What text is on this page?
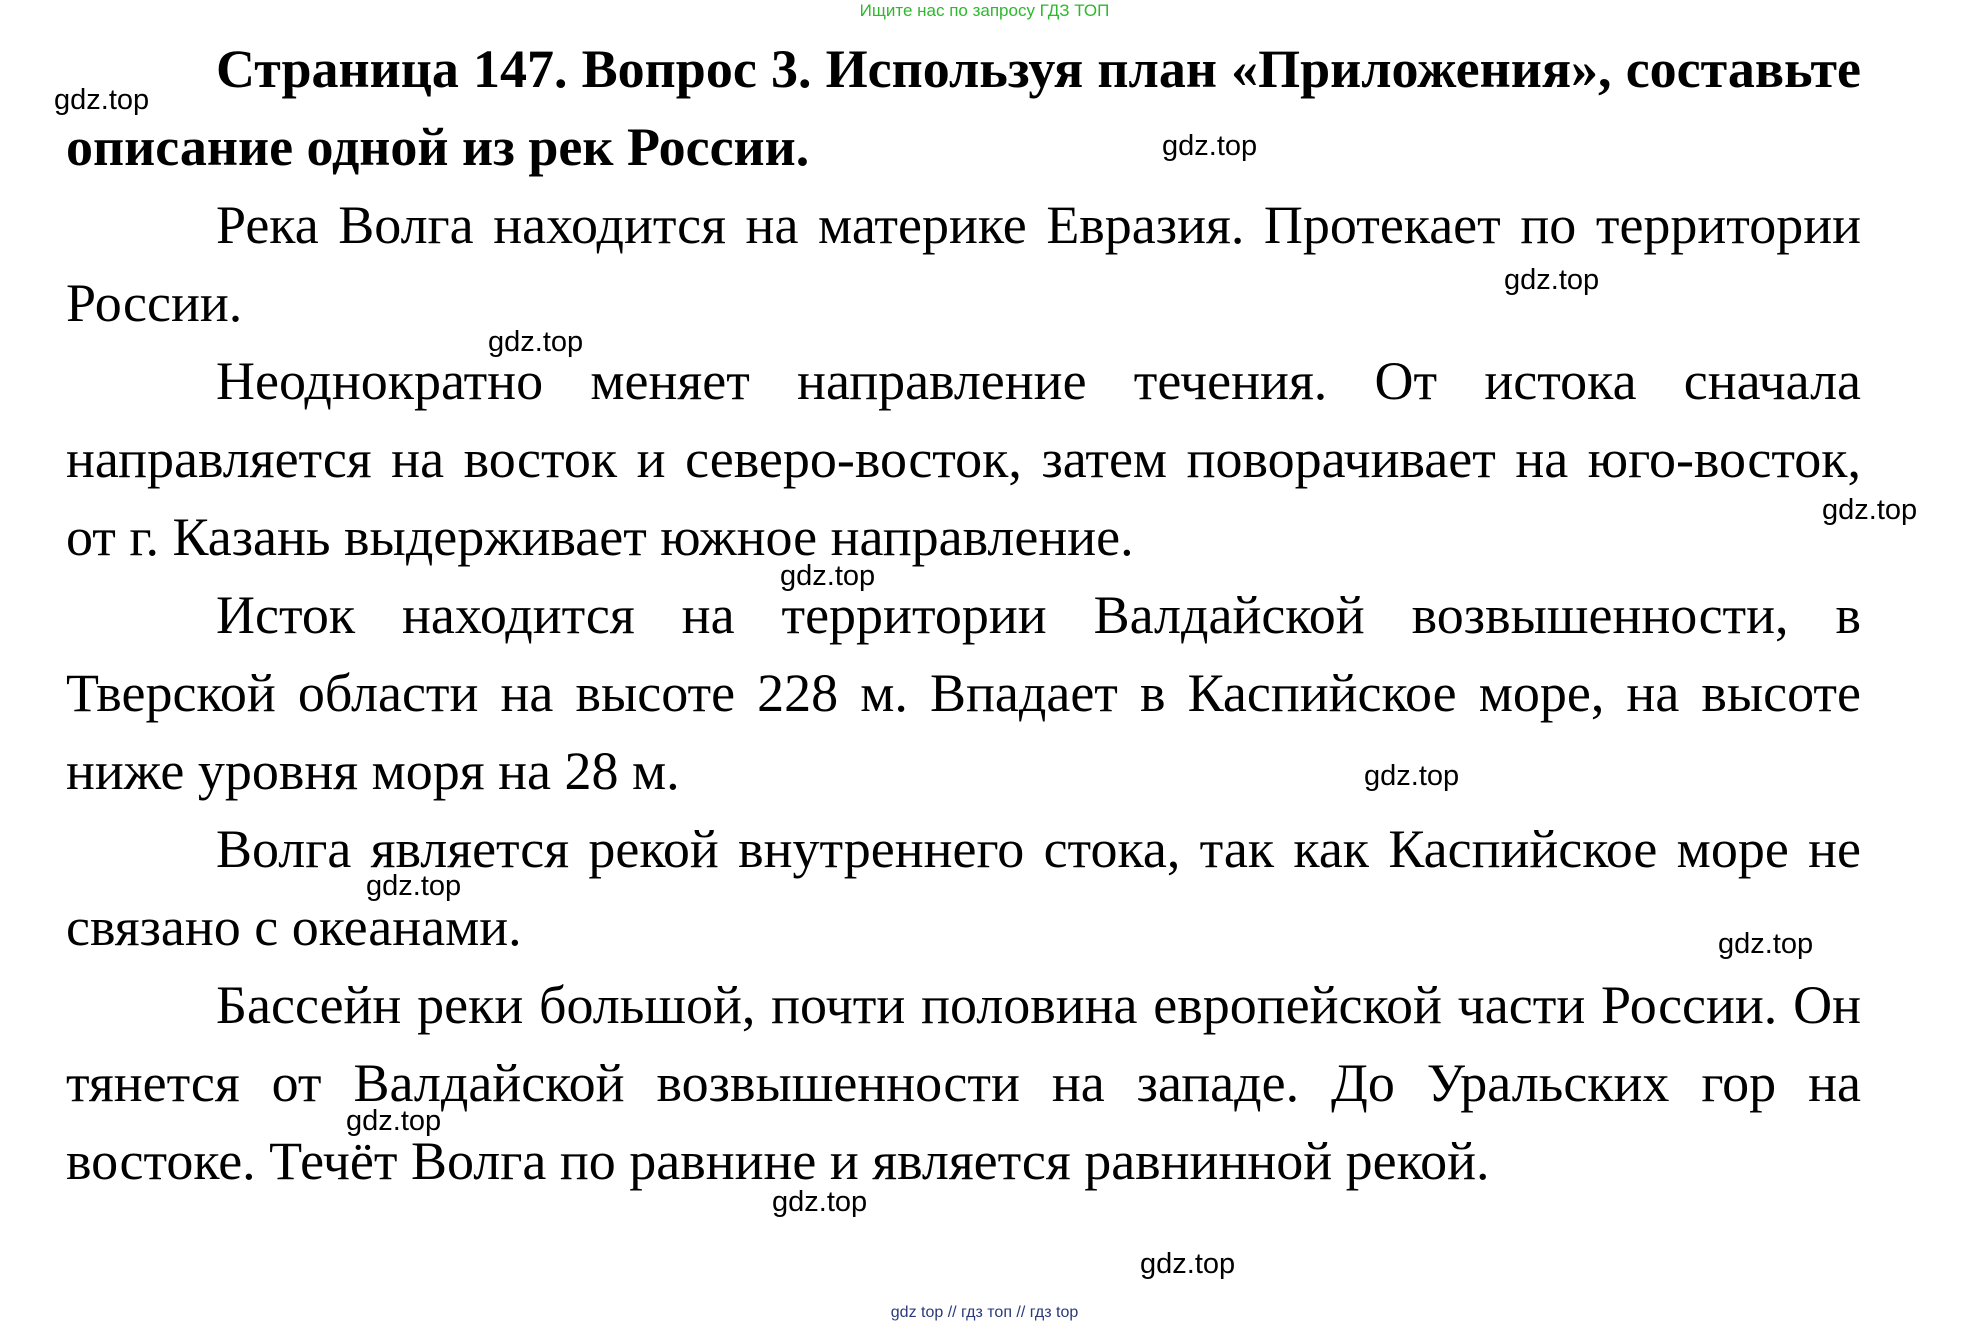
Ищите нас по запросу ГДЗ ТОП

Страница 147. Вопрос 3. Используя план «Приложения», составьте описание одной из рек России.

Река Волга находится на материке Евразия. Протекает по территории России.

Неоднократно меняет направление течения. От истока сначала направляется на восток и северо-восток, затем поворачивает на юго-восток, от г. Казань выдерживает южное направление.

Исток находится на территории Валдайской возвышенности, в Тверской области на высоте 228 м. Впадает в Каспийское море, на высоте ниже уровня моря на 28 м.

Волга является рекой внутреннего стока, так как Каспийское море не связано с океанами.

Бассейн реки большой, почти половина европейской части России. Он тянется от Валдайской возвышенности на западе. До Уральских гор на востоке. Течёт Волга по равнине и является равнинной рекой.

gdz.top
gdz.top
gdz.top
gdz.top
gdz.top
gdz.top
gdz.top
gdz.top
gdz.top
gdz.top
gdz.top
gdz.top
gdz top // гдз топ // гдз top
